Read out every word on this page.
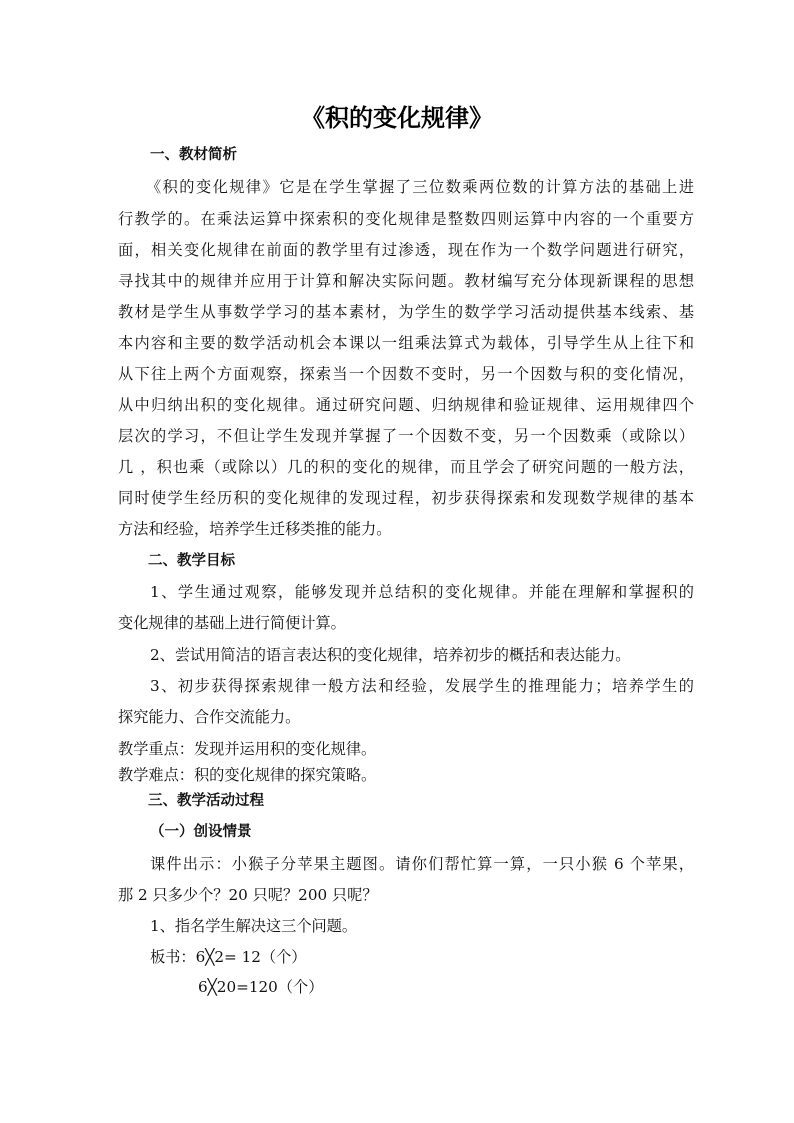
《积的变化规律》
一、教材简析
《积的变化规律》它是在学生掌握了三位数乘两位数的计算方法的基础上进
行教学的。在乘法运算中探索积的变化规律是整数四则运算中内容的一个重要方
面，相关变化规律在前面的教学里有过渗透，现在作为一个数学问题进行研究，
寻找其中的规律并应用于计算和解决实际问题。教材编写充分体现新课程的思想
教材是学生从事数学学习的基本素材，为学生的数学学习活动提供基本线索、基
本内容和主要的数学活动机会本课以一组乘法算式为载体，引导学生从上往下和
从下往上两个方面观察，探索当一个因数不变时，另一个因数与积的变化情况，
从中归纳出积的变化规律。通过研究问题、归纳规律和验证规律、运用规律四个
层次的学习，不但让学生发现并掌握了一个因数不变，另一个因数乘（或除以）
几 ，积也乘（或除以）几的积的变化的规律，而且学会了研究问题的一般方法，
同时使学生经历积的变化规律的发现过程，初步获得探索和发现数学规律的基本
方法和经验，培养学生迁移类推的能力。
二、教学目标
1、学生通过观察，能够发现并总结积的变化规律。并能在理解和掌握积的
变化规律的基础上进行简便计算。
2、尝试用简洁的语言表达积的变化规律，培养初步的概括和表达能力。
3、初步获得探索规律一般方法和经验，发展学生的推理能力；培养学生的
探究能力、合作交流能力。
教学重点：发现并运用积的变化规律。
教学难点：积的变化规律的探究策略。
三、教学活动过程
（一）创设情景
课件出示：小猴子分苹果主题图。请你们帮忙算一算，一只小猴 6 个苹果，
那 2 只多少个？20 只呢？200 只呢？
1、指名学生解决这三个问题。
板书：6╳2= 12（个）
6╳20=120（个）
